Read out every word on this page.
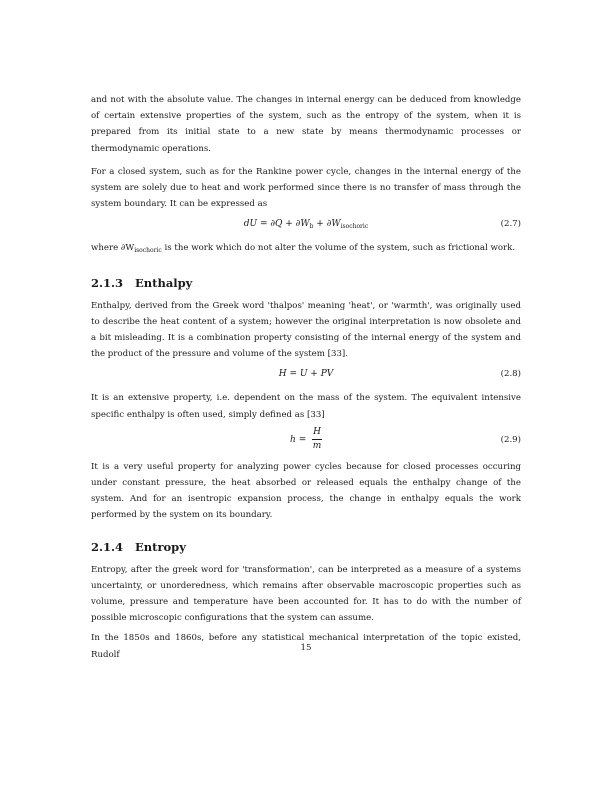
and not with the absolute value. The changes in internal energy can be deduced from knowledge of certain extensive properties of the system, such as the entropy of the system, when it is prepared from its initial state to a new state by means thermodynamic processes or thermodynamic operations.

For a closed system, such as for the Rankine power cycle, changes in the internal energy of the system are solely due to heat and work performed since there is no transfer of mass through the system boundary. It can be expressed as

dU = $\partial Q + \partial W_b + \partial W_{isochoric}$	(2.7)

where $\partial W_{isochoric}$ is the work which do not alter the volume of the system, such as frictional work.

2.1.3 Enthalpy

Enthalpy, derived from the Greek word 'thalpos' meaning 'heat', or 'warmth', was originally used to describe the heat content of a system; however the original interpretation is now obsolete and a bit misleading. It is a combination property consisting of the internal energy of the system and the product of the pressure and volume of the system [33].

H = U + PV	(2.8)

It is an extensive property, i.e. dependent on the mass of the system. The equivalent intensive specific enthalpy is often used, simply defined as [33]

$h = \frac{H}{m}$	(2.9)

It is a very useful property for analyzing power cycles because for closed processes occuring under constant pressure, the heat absorbed or released equals the enthalpy change of the system. And for an isentropic expansion process, the change in enthalpy equals the work performed by the system on its boundary.

2.1.4 Entropy

Entropy, after the greek word for 'transformation', can be interpreted as a measure of a systems uncertainty, or unorderedness, which remains after observable macroscopic properties such as volume, pressure and temperature have been accounted for. It has to do with the number of possible microscopic configurations that the system can assume.

In the 1850s and 1860s, before any statistical mechanical interpretation of the topic existed, Rudolf

15
